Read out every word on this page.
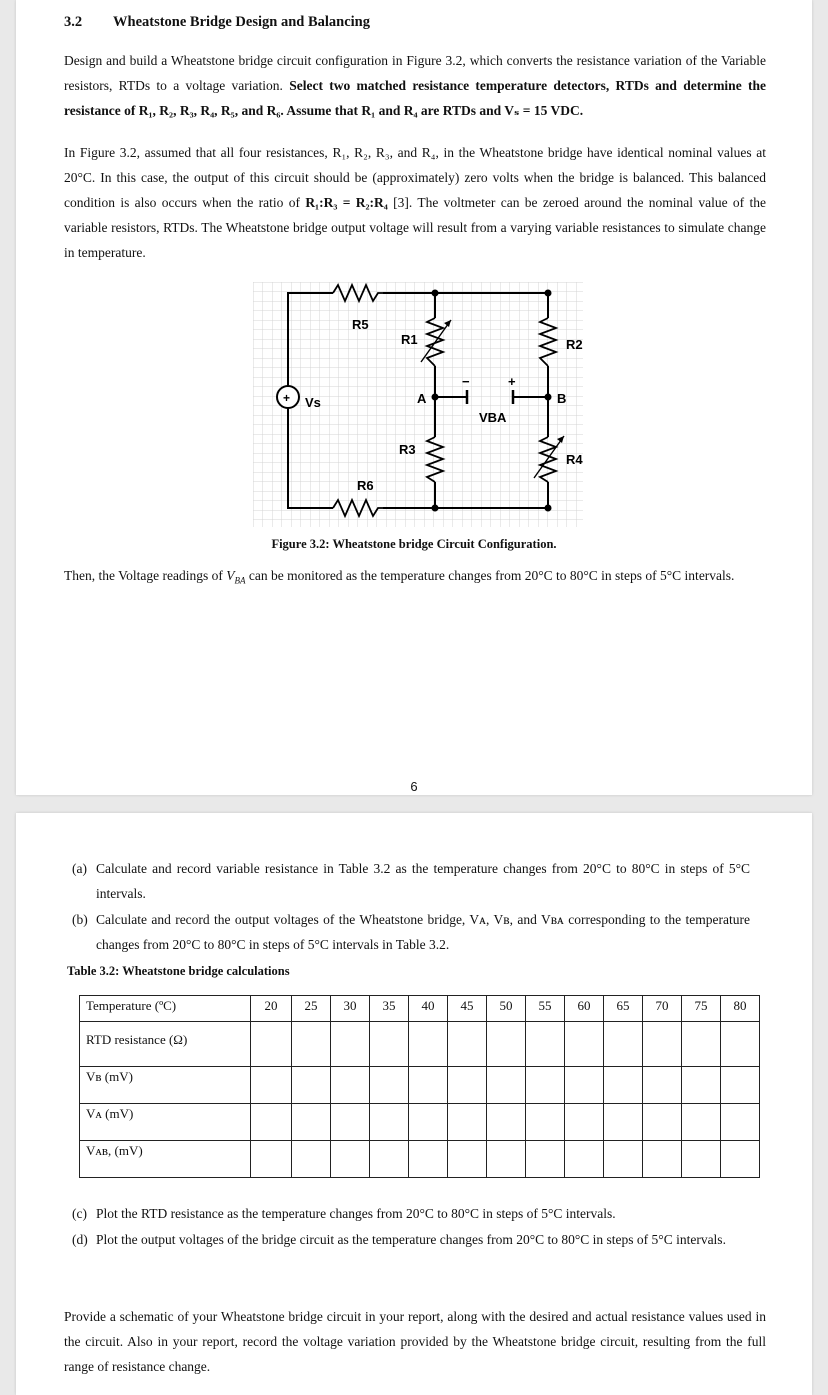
3.2 Wheatstone Bridge Design and Balancing
Design and build a Wheatstone bridge circuit configuration in Figure 3.2, which converts the resistance variation of the Variable resistors, RTDs to a voltage variation. Select two matched resistance temperature detectors, RTDs and determine the resistance of R₁, R₂, R₃, R₄, R₅, and R₆. Assume that R₁ and R₄ are RTDs and Vₛ = 15 VDC.
In Figure 3.2, assumed that all four resistances, R₁, R₂, R₃, and R₄, in the Wheatstone bridge have identical nominal values at 20°C. In this case, the output of this circuit should be (approximately) zero volts when the bridge is balanced. This balanced condition is also occurs when the ratio of R₁:R₃ = R₂:R₄ [3]. The voltmeter can be zeroed around the nominal value of the variable resistors, RTDs. The Wheatstone bridge output voltage will result from a varying variable resistances to simulate change in temperature.
+
R5
R1	R2
R3
R4
R6
Vs	A	B
VBA
−	+
Figure 3.2: Wheatstone bridge Circuit Configuration.
Then, the Voltage readings of $V_{BA}$ can be monitored as the temperature changes from 20°C to 80°C in steps of 5°C intervals.
6
(a) Calculate and record variable resistance in Table 3.2 as the temperature changes from 20°C to 80°C in steps of 5°C intervals.
(b) Calculate and record the output voltages of the Wheatstone bridge, Vᴀ, Vʙ, and Vʙᴀ corresponding to the temperature changes from 20°C to 80°C in steps of 5°C intervals in Table 3.2.
Table 3.2: Wheatstone bridge calculations
Temperature (ºC)	20	25	30	35	40	45	50	55	60	65	70	75	80
RTD resistance (Ω)													
Vʙ (mV)													
Vᴀ (mV)													
Vᴀʙ, (mV)													
(c) Plot the RTD resistance as the temperature changes from 20°C to 80°C in steps of 5°C intervals.
(d) Plot the output voltages of the bridge circuit as the temperature changes from 20°C to 80°C in steps of 5°C intervals.
Provide a schematic of your Wheatstone bridge circuit in your report, along with the desired and actual resistance values used in the circuit. Also in your report, record the voltage variation provided by the Wheatstone bridge circuit, resulting from the full range of resistance change.
